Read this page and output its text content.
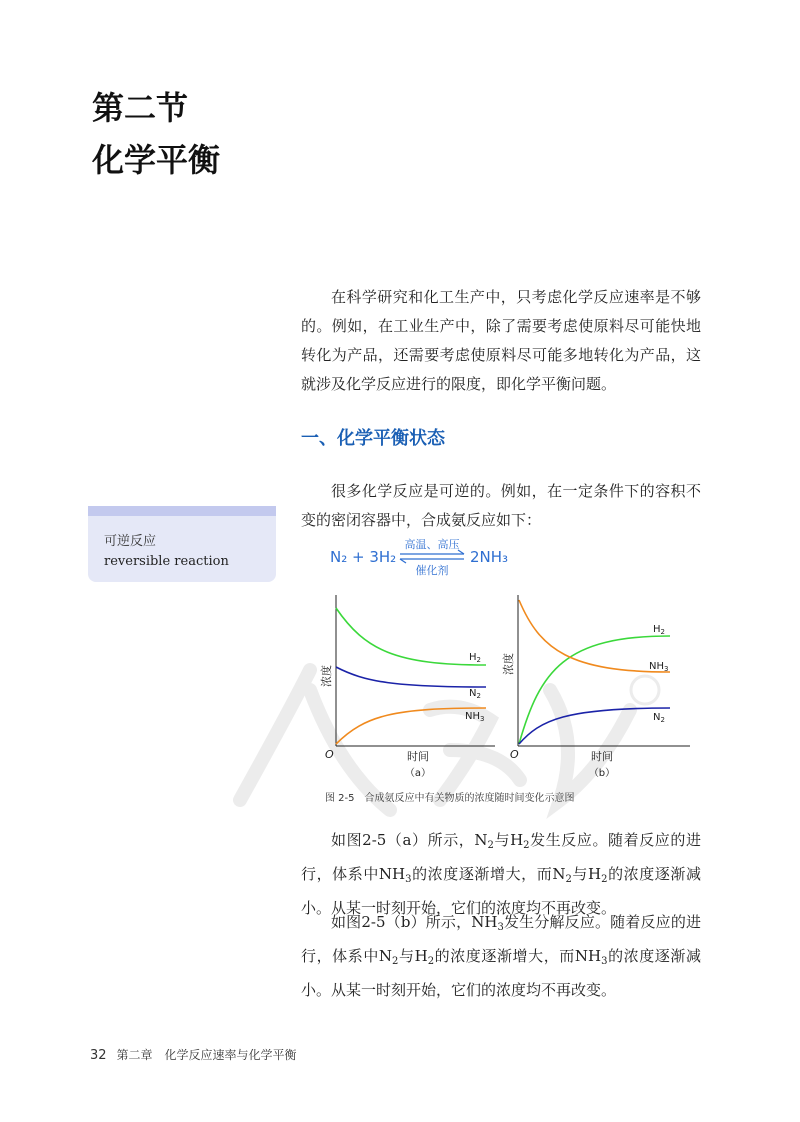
第二节
化学平衡

在科学研究和化工生产中，只考虑化学反应速率是不够的。例如，在工业生产中，除了需要考虑使原料尽可能快地转化为产品，还需要考虑使原料尽可能多地转化为产品，这就涉及化学反应进行的限度，即化学平衡问题。

一、化学平衡状态

很多化学反应是可逆的。例如，在一定条件下的容积不变的密闭容器中，合成氨反应如下：

可逆反应
reversible reaction	N₂ + 3H₂
高温、高压
催化剂
2NH₃
$H_2$
$N_2$
$NH_3$
浓度
O	时间
（a）
$H_2$
$NH_3$
$N_2$
浓度
O	时间
（b）
图 2-5　合成氨反应中有关物质的浓度随时间变化示意图

如图2-5（a）所示，$N_2$与$H_2$发生反应。随着反应的进行，体系中$NH_3$的浓度逐渐增大，而$N_2$与$H_2$的浓度逐渐减小。从某一时刻开始，它们的浓度均不再改变。

如图2-5（b）所示，$NH_3$发生分解反应。随着反应的进行，体系中$N_2$与$H_2$的浓度逐渐增大，而$NH_3$的浓度逐渐减小。从某一时刻开始，它们的浓度均不再改变。

32 第二章　化学反应速率与化学平衡
